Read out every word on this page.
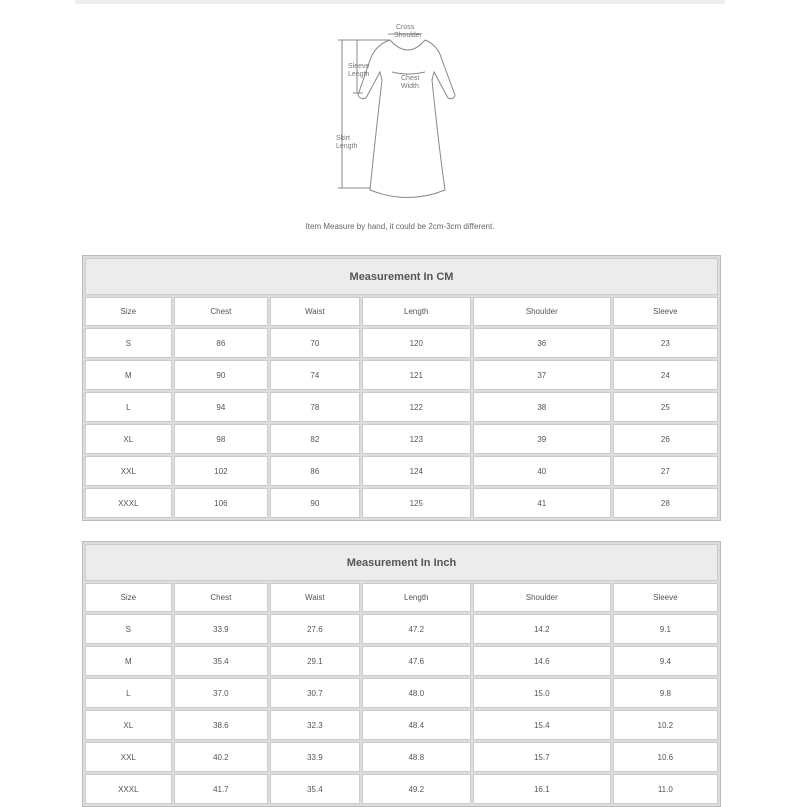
Cross
Shoulder
Sleeve
Length
Chest
Width
Skirt
Length
Item Measure by hand, it could be 2cm-3cm different.
Measurement In CM					
Size	Chest	Waist	Length	Shoulder	Sleeve
S	86	70	120	36	23
M	90	74	121	37	24
L	94	78	122	38	25
XL	98	82	123	39	26
XXL	102	86	124	40	27
XXXL	106	90	125	41	28
Measurement In Inch					
Size	Chest	Waist	Length	Shoulder	Sleeve
S	33.9	27.6	47.2	14.2	9.1
M	35.4	29.1	47.6	14.6	9.4
L	37.0	30.7	48.0	15.0	9.8
XL	38.6	32.3	48.4	15.4	10.2
XXL	40.2	33.9	48.8	15.7	10.6
XXXL	41.7	35.4	49.2	16.1	11.0
